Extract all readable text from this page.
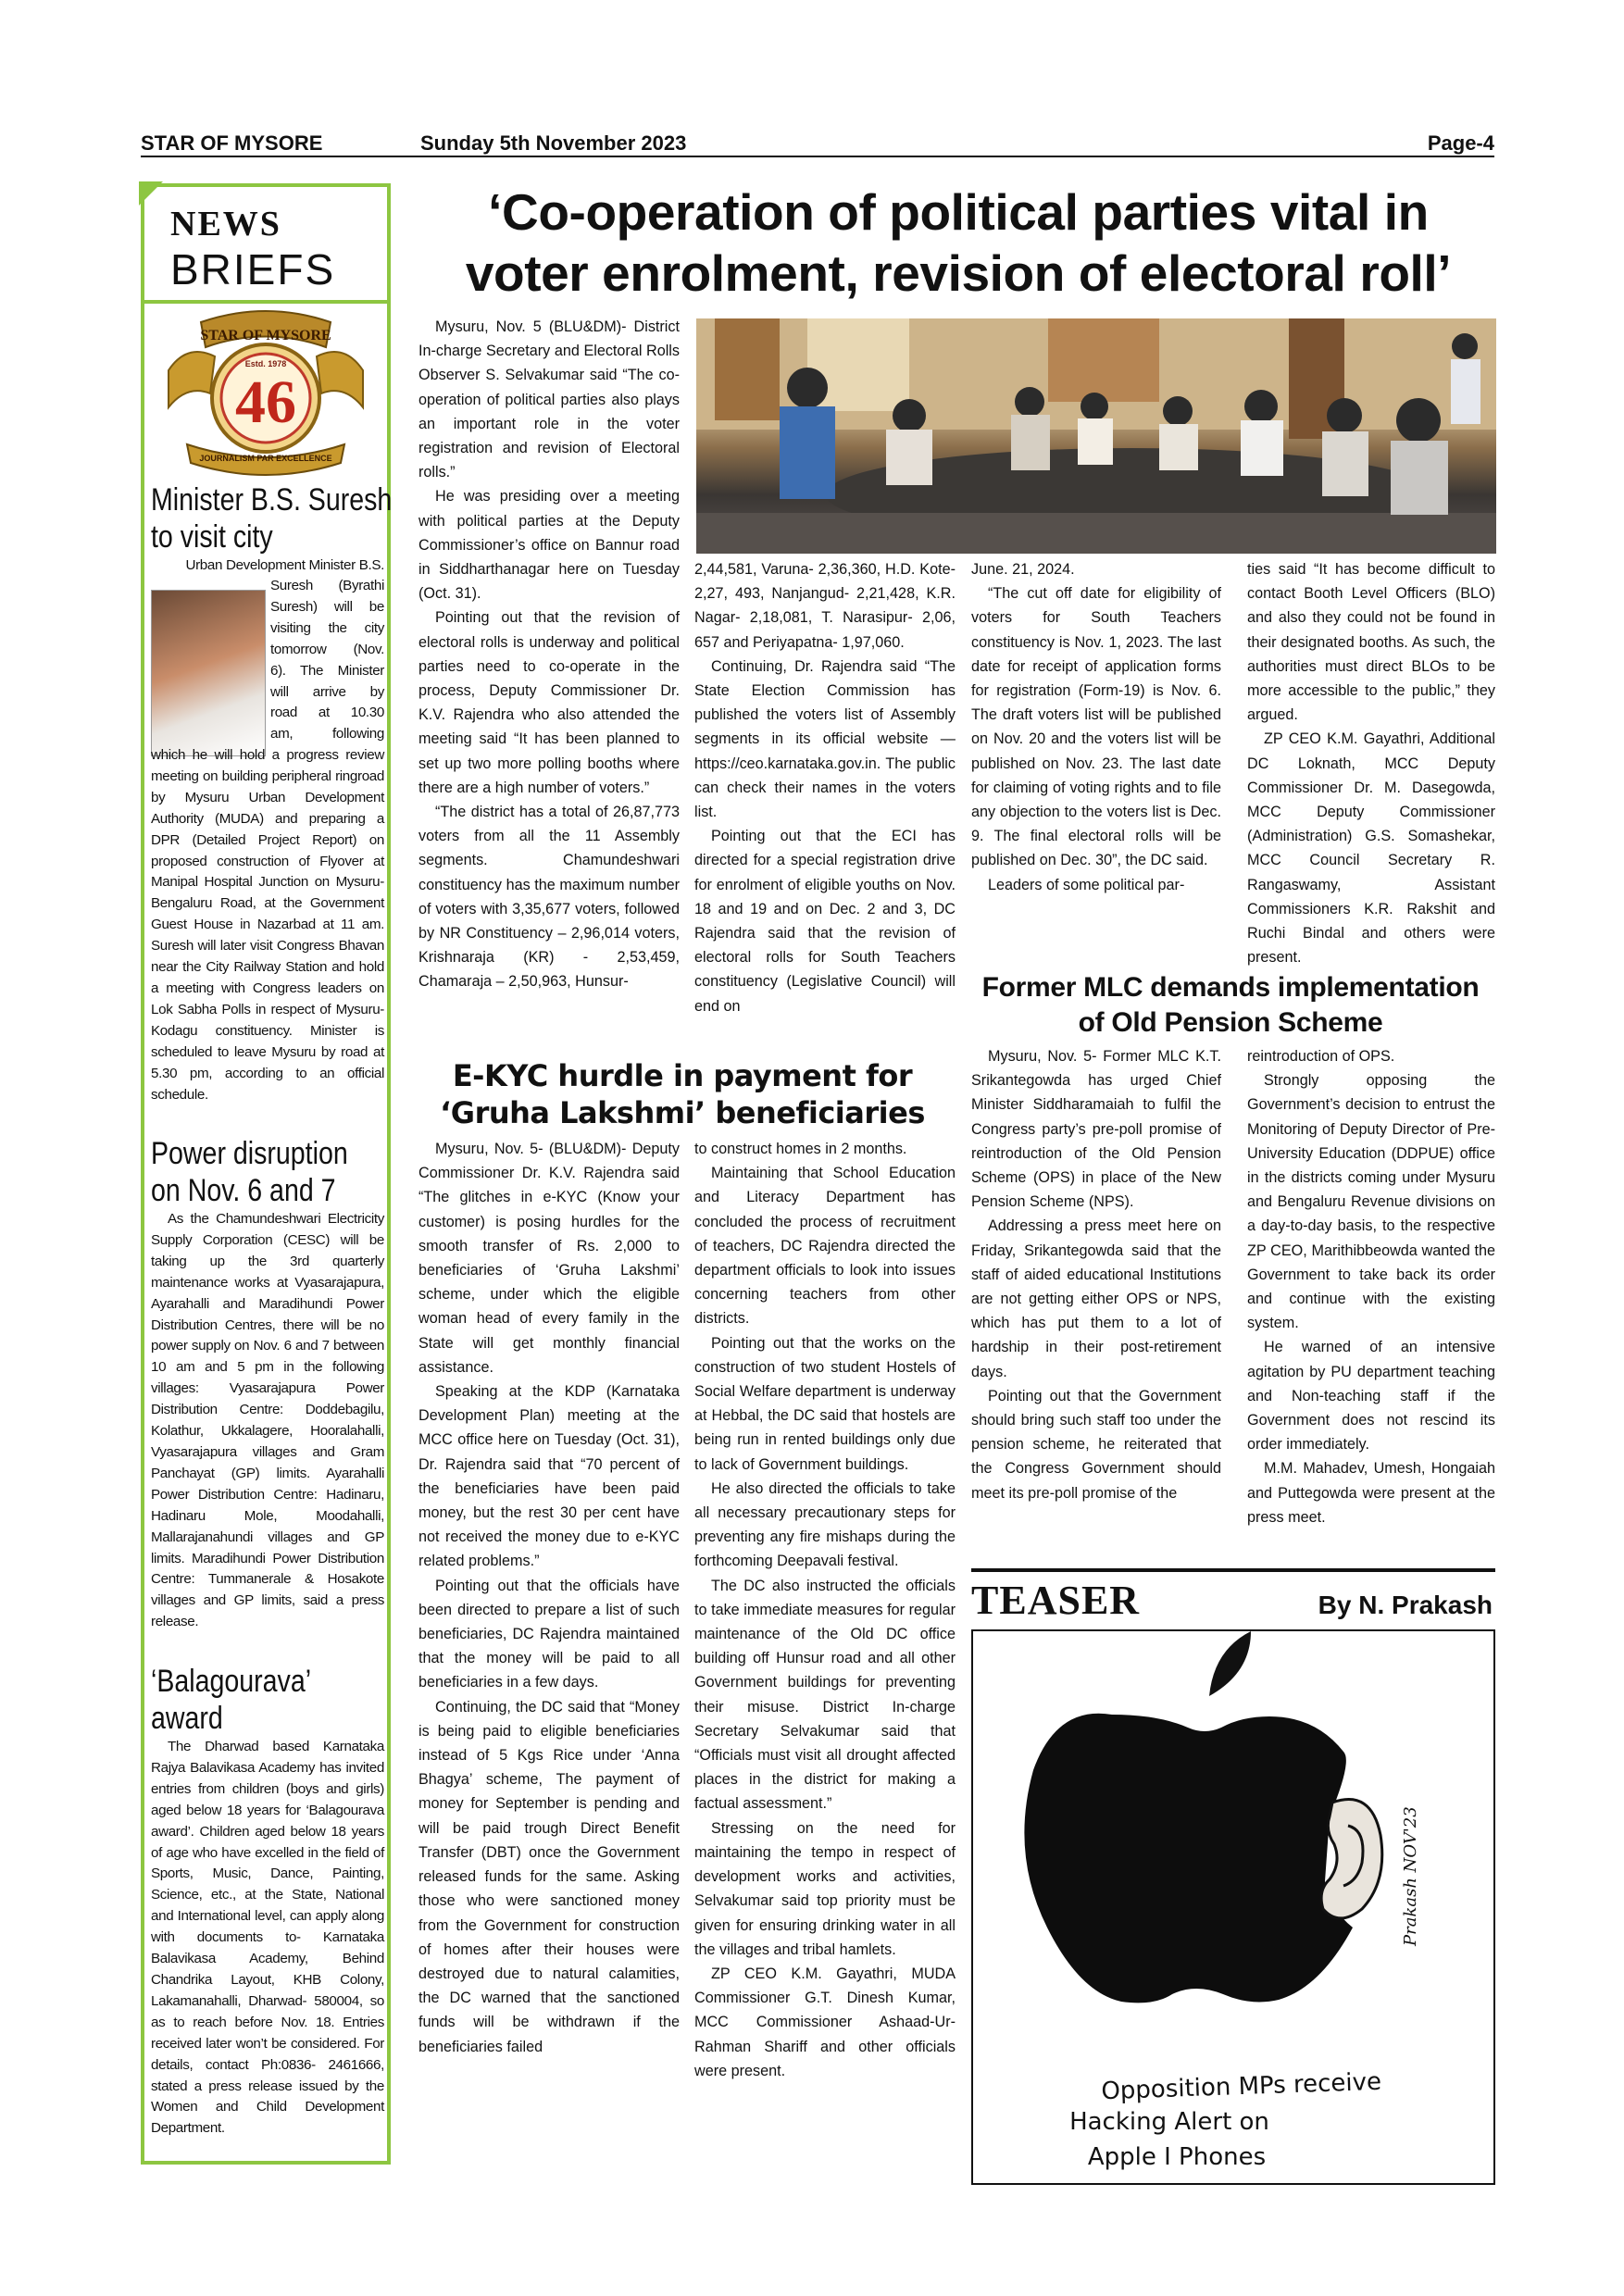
STAR OF MYSORE	Sunday 5th November 2023	Page-4
NEWS
BRIEFS
STAR OF MYSORE
Estd. 1978
46
JOURNALISM PAR EXCELLENCE
Minister B.S. Suresh
to visit city
Urban Development Minister B.S.
Suresh (Byrathi
Suresh) will be
visiting the city
tomorrow (Nov.
6). The Minister
will arrive by
road at 10.30
am, following
which he will hold a progress review meeting on building peripheral ringroad by Mysuru Urban Development Authority (MUDA) and preparing a DPR (Detailed Project Report) on proposed construction of Flyover at Manipal Hospital Junction on Mysuru-Bengaluru Road, at the Government Guest House in Nazarbad at 11 am. Suresh will later visit Congress Bhavan near the City Railway Station and hold a meeting with Congress leaders on Lok Sabha Polls in respect of Mysuru-Kodagu constituency. Minister is scheduled to leave Mysuru by road at 5.30 pm, according to an official schedule.
Power disruption
on Nov. 6 and 7
As the Chamundeshwari Electricity Supply Corporation (CESC) will be taking up the 3rd quarterly maintenance works at Vyasarajapura, Ayarahalli and Maradihundi Power Distribution Centres, there will be no power supply on Nov. 6 and 7 between 10 am and 5 pm in the following villages: Vyasarajapura Power Distribution Centre: Doddebagilu, Kolathur, Ukkalagere, Hooralahalli, Vyasarajapura villages and Gram Panchayat (GP) limits. Ayarahalli Power Distribution Centre: Hadinaru, Hadinaru Mole, Moodahalli, Mallarajanahundi villages and GP limits. Maradihundi Power Distribution Centre: Tummanerale & Hosakote villages and GP limits, said a press release.
‘Balagourava’
award
The Dharwad based Karnataka Rajya Balavikasa Academy has invited entries from children (boys and girls) aged below 18 years for ‘Balagourava award’. Children aged below 18 years of age who have excelled in the field of Sports, Music, Dance, Painting, Science, etc., at the State, National and International level, can apply along with documents to- Karnataka Balavikasa Academy, Behind Chandrika Layout, KHB Colony, Lakamanahalli, Dharwad- 580004, so as to reach before Nov. 18. Entries received later won’t be considered. For details, contact Ph:0836- 2461666, stated a press release issued by the Women and Child Development Department.
‘Co-operation of political parties vital in
voter enrolment, revision of electoral roll’

Mysuru, Nov. 5 (BLU&DM)- District In-charge Secretary and Electoral Rolls Observer S. Selvakumar said “The co-operation of political parties also plays an important role in the voter registration and revision of Electoral rolls.”

He was presiding over a meeting with political parties at the Deputy Commissioner’s office on Bannur road in Siddharthanagar here on Tuesday (Oct. 31).

Pointing out that the revision of electoral rolls is underway and political parties need to co-operate in the process, Deputy Commissioner Dr. K.V. Rajendra who also attended the meeting said “It has been planned to set up two more polling booths where there are a high number of voters.”

“The district has a total of 26,87,773 voters from all the 11 Assembly segments. Chamundeshwari constituency has the maximum number of voters with 3,35,677 voters, followed by NR Constituency – 2,96,014 voters, Krishnaraja (KR) - 2,53,459, Chamaraja – 2,50,963, Hunsur-

2,44,581, Varuna- 2,36,360, H.D. Kote- 2,27, 493, Nanjangud- 2,21,428, K.R. Nagar- 2,18,081, T. Narasipur- 2,06, 657 and Periyapatna- 1,97,060.

Continuing, Dr. Rajendra said “The State Election Commission has published the voters list of Assembly segments in its official website — https://ceo.karnataka.gov.in. The public can check their names in the voters list.

Pointing out that the ECI has directed for a special registration drive for enrolment of eligible youths on Nov. 18 and 19 and on Dec. 2 and 3, DC Rajendra said that the revision of electoral rolls for South Teachers constituency (Legislative Council) will end on

June. 21, 2024.

“The cut off date for eligibility of voters for South Teachers constituency is Nov. 1, 2023. The last date for receipt of application forms for registration (Form-19) is Nov. 6. The draft voters list will be published on Nov. 20 and the voters list will be published on Nov. 23. The last date for claiming of voting rights and to file any objection to the voters list is Dec. 9. The final electoral rolls will be published on Dec. 30”, the DC said.

Leaders of some political par-

ties said “It has become difficult to contact Booth Level Officers (BLO) and also they could not be found in their designated booths. As such, the authorities must direct BLOs to be more accessible to the public,” they argued.

ZP CEO K.M. Gayathri, Additional DC Loknath, MCC Deputy Commissioner Dr. M. Dasegowda, MCC Deputy Commissioner (Administration) G.S. Somashekar, MCC Council Secretary R. Rangaswamy, Assistant Commissioners K.R. Rakshit and Ruchi Bindal and others were present.

E-KYC hurdle in payment for
‘Gruha Lakshmi’ beneficiaries

Mysuru, Nov. 5- (BLU&DM)- Deputy Commissioner Dr. K.V. Rajendra said “The glitches in e-KYC (Know your customer) is posing hurdles for the smooth transfer of Rs. 2,000 to beneficiaries of ‘Gruha Lakshmi’ scheme, under which the eligible woman head of every family in the State will get monthly financial assistance.

Speaking at the KDP (Karnataka Development Plan) meeting at the MCC office here on Tuesday (Oct. 31), Dr. Rajendra said that “70 percent of the beneficiaries have been paid money, but the rest 30 per cent have not received the money due to e-KYC related problems.”

Pointing out that the officials have been directed to prepare a list of such beneficiaries, DC Rajendra maintained that the money will be paid to all beneficiaries in a few days.

Continuing, the DC said that “Money is being paid to eligible beneficiaries instead of 5 Kgs Rice under ‘Anna Bhagya’ scheme, The payment of money for September is pending and will be paid trough Direct Benefit Transfer (DBT) once the Government released funds for the same. Asking those who were sanctioned money from the Government for construction of homes after their houses were destroyed due to natural calamities, the DC warned that the sanctioned funds will be withdrawn if the beneficiaries failed

to construct homes in 2 months.

Maintaining that School Education and Literacy Department has concluded the process of recruitment of teachers, DC Rajendra directed the department officials to look into issues concerning teachers from other districts.

Pointing out that the works on the construction of two student Hostels of Social Welfare department is underway at Hebbal, the DC said that hostels are being run in rented buildings only due to lack of Government buildings.

He also directed the officials to take all necessary precautionary steps for preventing any fire mishaps during the forthcoming Deepavali festival.

The DC also instructed the officials to take immediate measures for regular maintenance of the Old DC office building off Hunsur road and all other Government buildings for preventing their misuse. District In-charge Secretary Selvakumar said that “Officials must visit all drought affected places in the district for making a factual assessment.”

Stressing on the need for maintaining the tempo in respect of development works and activities, Selvakumar said top priority must be given for ensuring drinking water in all the villages and tribal hamlets.

ZP CEO K.M. Gayathri, MUDA Commissioner G.T. Dinesh Kumar, MCC Commissioner Ashaad-Ur-Rahman Shariff and other officials were present.

Former MLC demands implementation
of Old Pension Scheme

Mysuru, Nov. 5- Former MLC K.T. Srikantegowda has urged Chief Minister Siddharamaiah to fulfil the Congress party’s pre-poll promise of reintroduction of the Old Pension Scheme (OPS) in place of the New Pension Scheme (NPS).

Addressing a press meet here on Friday, Srikantegowda said that the staff of aided educational Institutions are not getting either OPS or NPS, which has put them to a lot of hardship in their post-retirement days.

Pointing out that the Government should bring such staff too under the pension scheme, he reiterated that the Congress Government should meet its pre-poll promise of the

reintroduction of OPS.

Strongly opposing the Government’s decision to entrust the Monitoring of Deputy Director of Pre-University Education (DDPUE) office in the districts coming under Mysuru and Bengaluru Revenue divisions on a day-to-day basis, to the respective ZP CEO, Marithibbeowda wanted the Government to take back its order and continue with the existing system.

He warned of an intensive agitation by PU department teaching and Non-teaching staff if the Government does not rescind its order immediately.

M.M. Mahadev, Umesh, Hongaiah and Puttegowda were present at the press meet.

TEASER	By N. Prakash
Prakash NOV'23
Opposition MPs receive
Hacking Alert on
Apple I Phones
